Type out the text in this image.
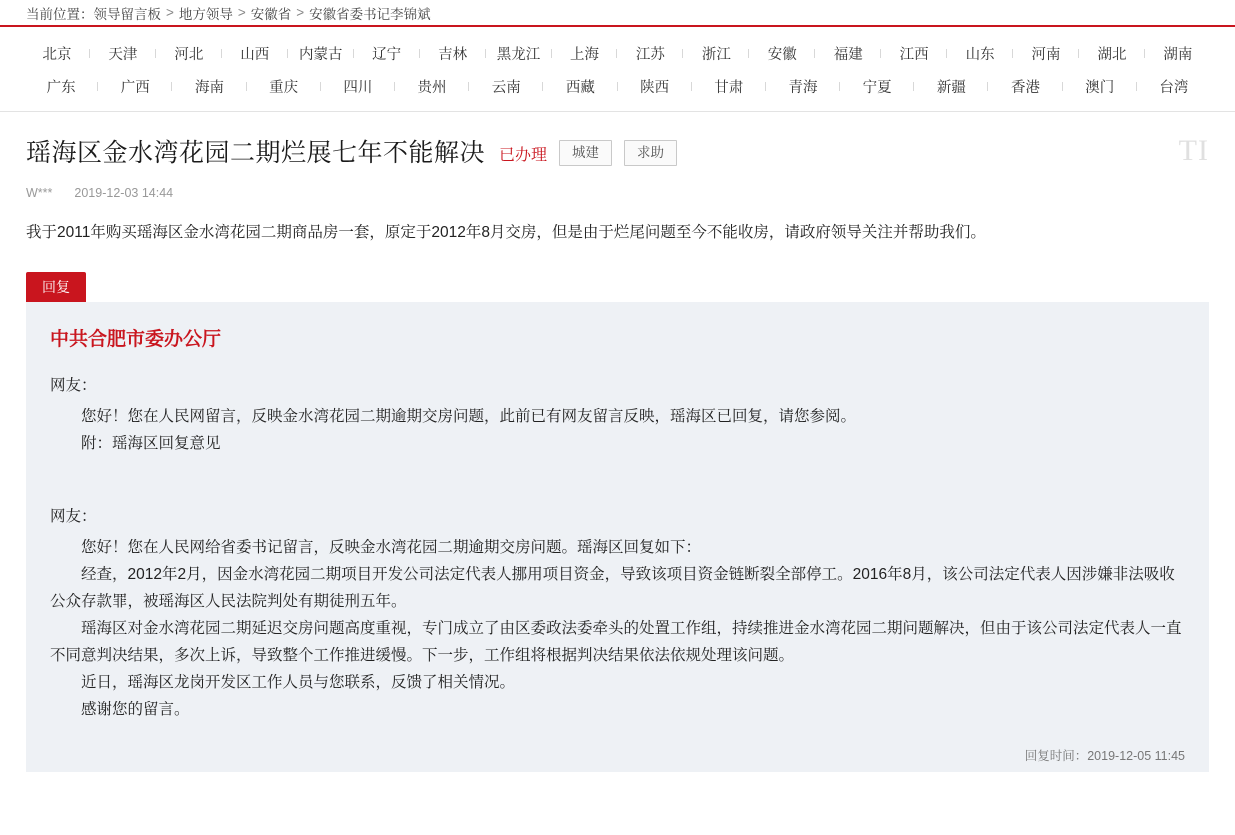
当前位置： 领导留言板 > 地方领导 > 安徽省 > 安徽省委书记李锦斌
北京	天津	河北	山西 内蒙古 辽宁	吉林 黑龙江 上海	江苏	浙江	安徽	福建	江西	山东	河南	湖北	湖南
广东	广西	海南	重庆	四川	贵州	云南	西藏	陕西	甘肃	青海	宁夏	新疆	香港	澳门	台湾
瑶海区金水湾花园二期烂展七年不能解决 已办理	城建	求助	TI
W*** 2019-12-03 14:44
我于2011年购买瑶海区金水湾花园二期商品房一套，原定于2012年8月交房，但是由于烂尾问题至今不能收房，请政府领导关注并帮助我们。
回复
中共合肥市委办公厅

网友：

您好！您在人民网留言，反映金水湾花园二期逾期交房问题，此前已有网友留言反映，瑶海区已回复，请您参阅。

附：瑶海区回复意见

网友：

您好！您在人民网给省委书记留言，反映金水湾花园二期逾期交房问题。瑶海区回复如下：

经查，2012年2月，因金水湾花园二期项目开发公司法定代表人挪用项目资金，导致该项目资金链断裂全部停工。2016年8月，该公司法定代表人因涉嫌非法吸收公众存款罪，被瑶海区人民法院判处有期徒刑五年。

瑶海区对金水湾花园二期延迟交房问题高度重视，专门成立了由区委政法委牵头的处置工作组，持续推进金水湾花园二期问题解决，但由于该公司法定代表人一直不同意判决结果，多次上诉，导致整个工作推进缓慢。下一步，工作组将根据判决结果依法依规处理该问题。

近日，瑶海区龙岗开发区工作人员与您联系，反馈了相关情况。

感谢您的留言。

回复时间：2019-12-05 11:45
